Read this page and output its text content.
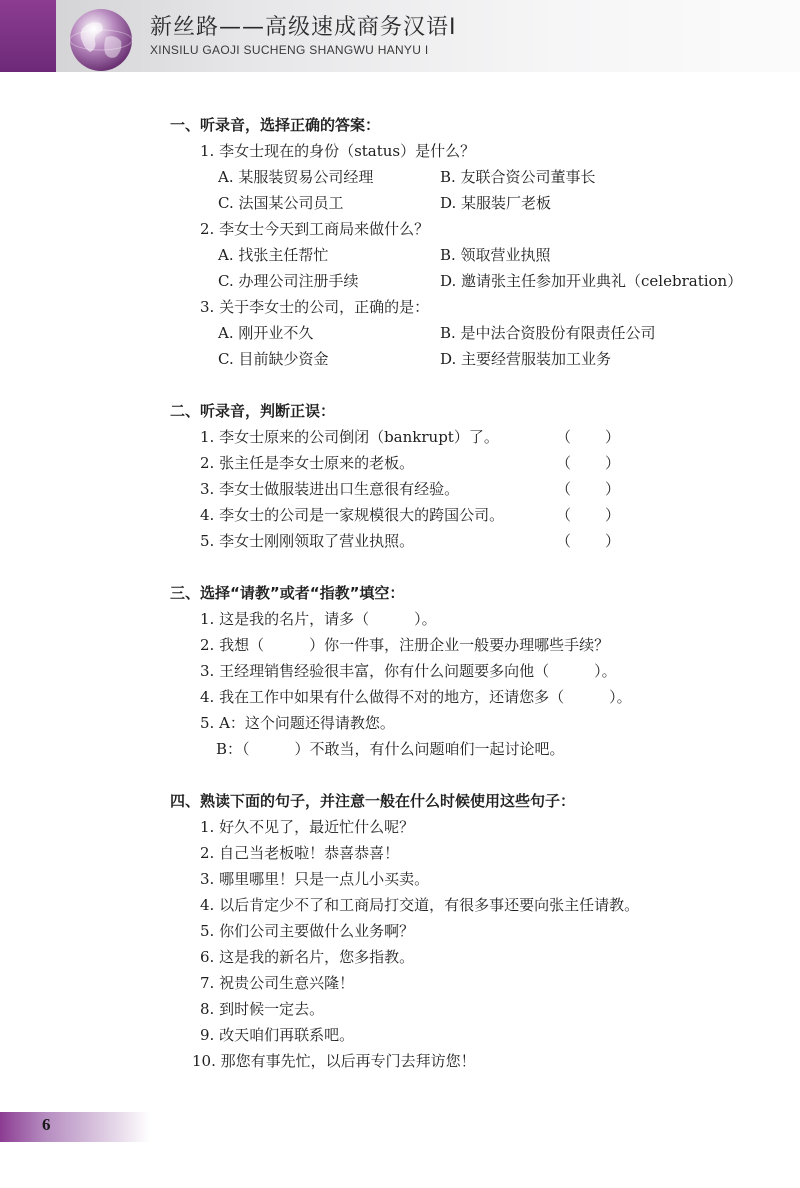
新丝路——高级速成商务汉语Ⅰ
XINSILU GAOJI SUCHENG SHANGWU HANYU I
一、听录音，选择正确的答案：
1. 李女士现在的身份（status）是什么？
A. 某服装贸易公司经理	B. 友联合资公司董事长
C. 法国某公司员工	D. 某服装厂老板
2. 李女士今天到工商局来做什么？
A. 找张主任帮忙	B. 领取营业执照
C. 办理公司注册手续	D. 邀请张主任参加开业典礼（celebration）
3. 关于李女士的公司，正确的是：
A. 刚开业不久	B. 是中法合资股份有限责任公司
C. 目前缺少资金	D. 主要经营服装加工业务
二、听录音，判断正误：
1. 李女士原来的公司倒闭（bankrupt）了。	（ ）
2. 张主任是李女士原来的老板。	（ ）
3. 李女士做服装进出口生意很有经验。	（ ）
4. 李女士的公司是一家规模很大的跨国公司。	（ ）
5. 李女士刚刚领取了营业执照。	（ ）
三、选择“请教”或者“指教”填空：
1. 这是我的名片，请多（　　　）。
2. 我想（　　　）你一件事，注册企业一般要办理哪些手续？
3. 王经理销售经验很丰富，你有什么问题要多向他（　　　）。
4. 我在工作中如果有什么做得不对的地方，还请您多（　　　）。
5. A：这个问题还得请教您。
B：（　　　）不敢当，有什么问题咱们一起讨论吧。
四、熟读下面的句子，并注意一般在什么时候使用这些句子：
1. 好久不见了，最近忙什么呢？
2. 自己当老板啦！恭喜恭喜！
3. 哪里哪里！只是一点儿小买卖。
4. 以后肯定少不了和工商局打交道，有很多事还要向张主任请教。
5. 你们公司主要做什么业务啊？
6. 这是我的新名片，您多指教。
7. 祝贵公司生意兴隆！
8. 到时候一定去。
9. 改天咱们再联系吧。
10. 那您有事先忙，以后再专门去拜访您！
6
